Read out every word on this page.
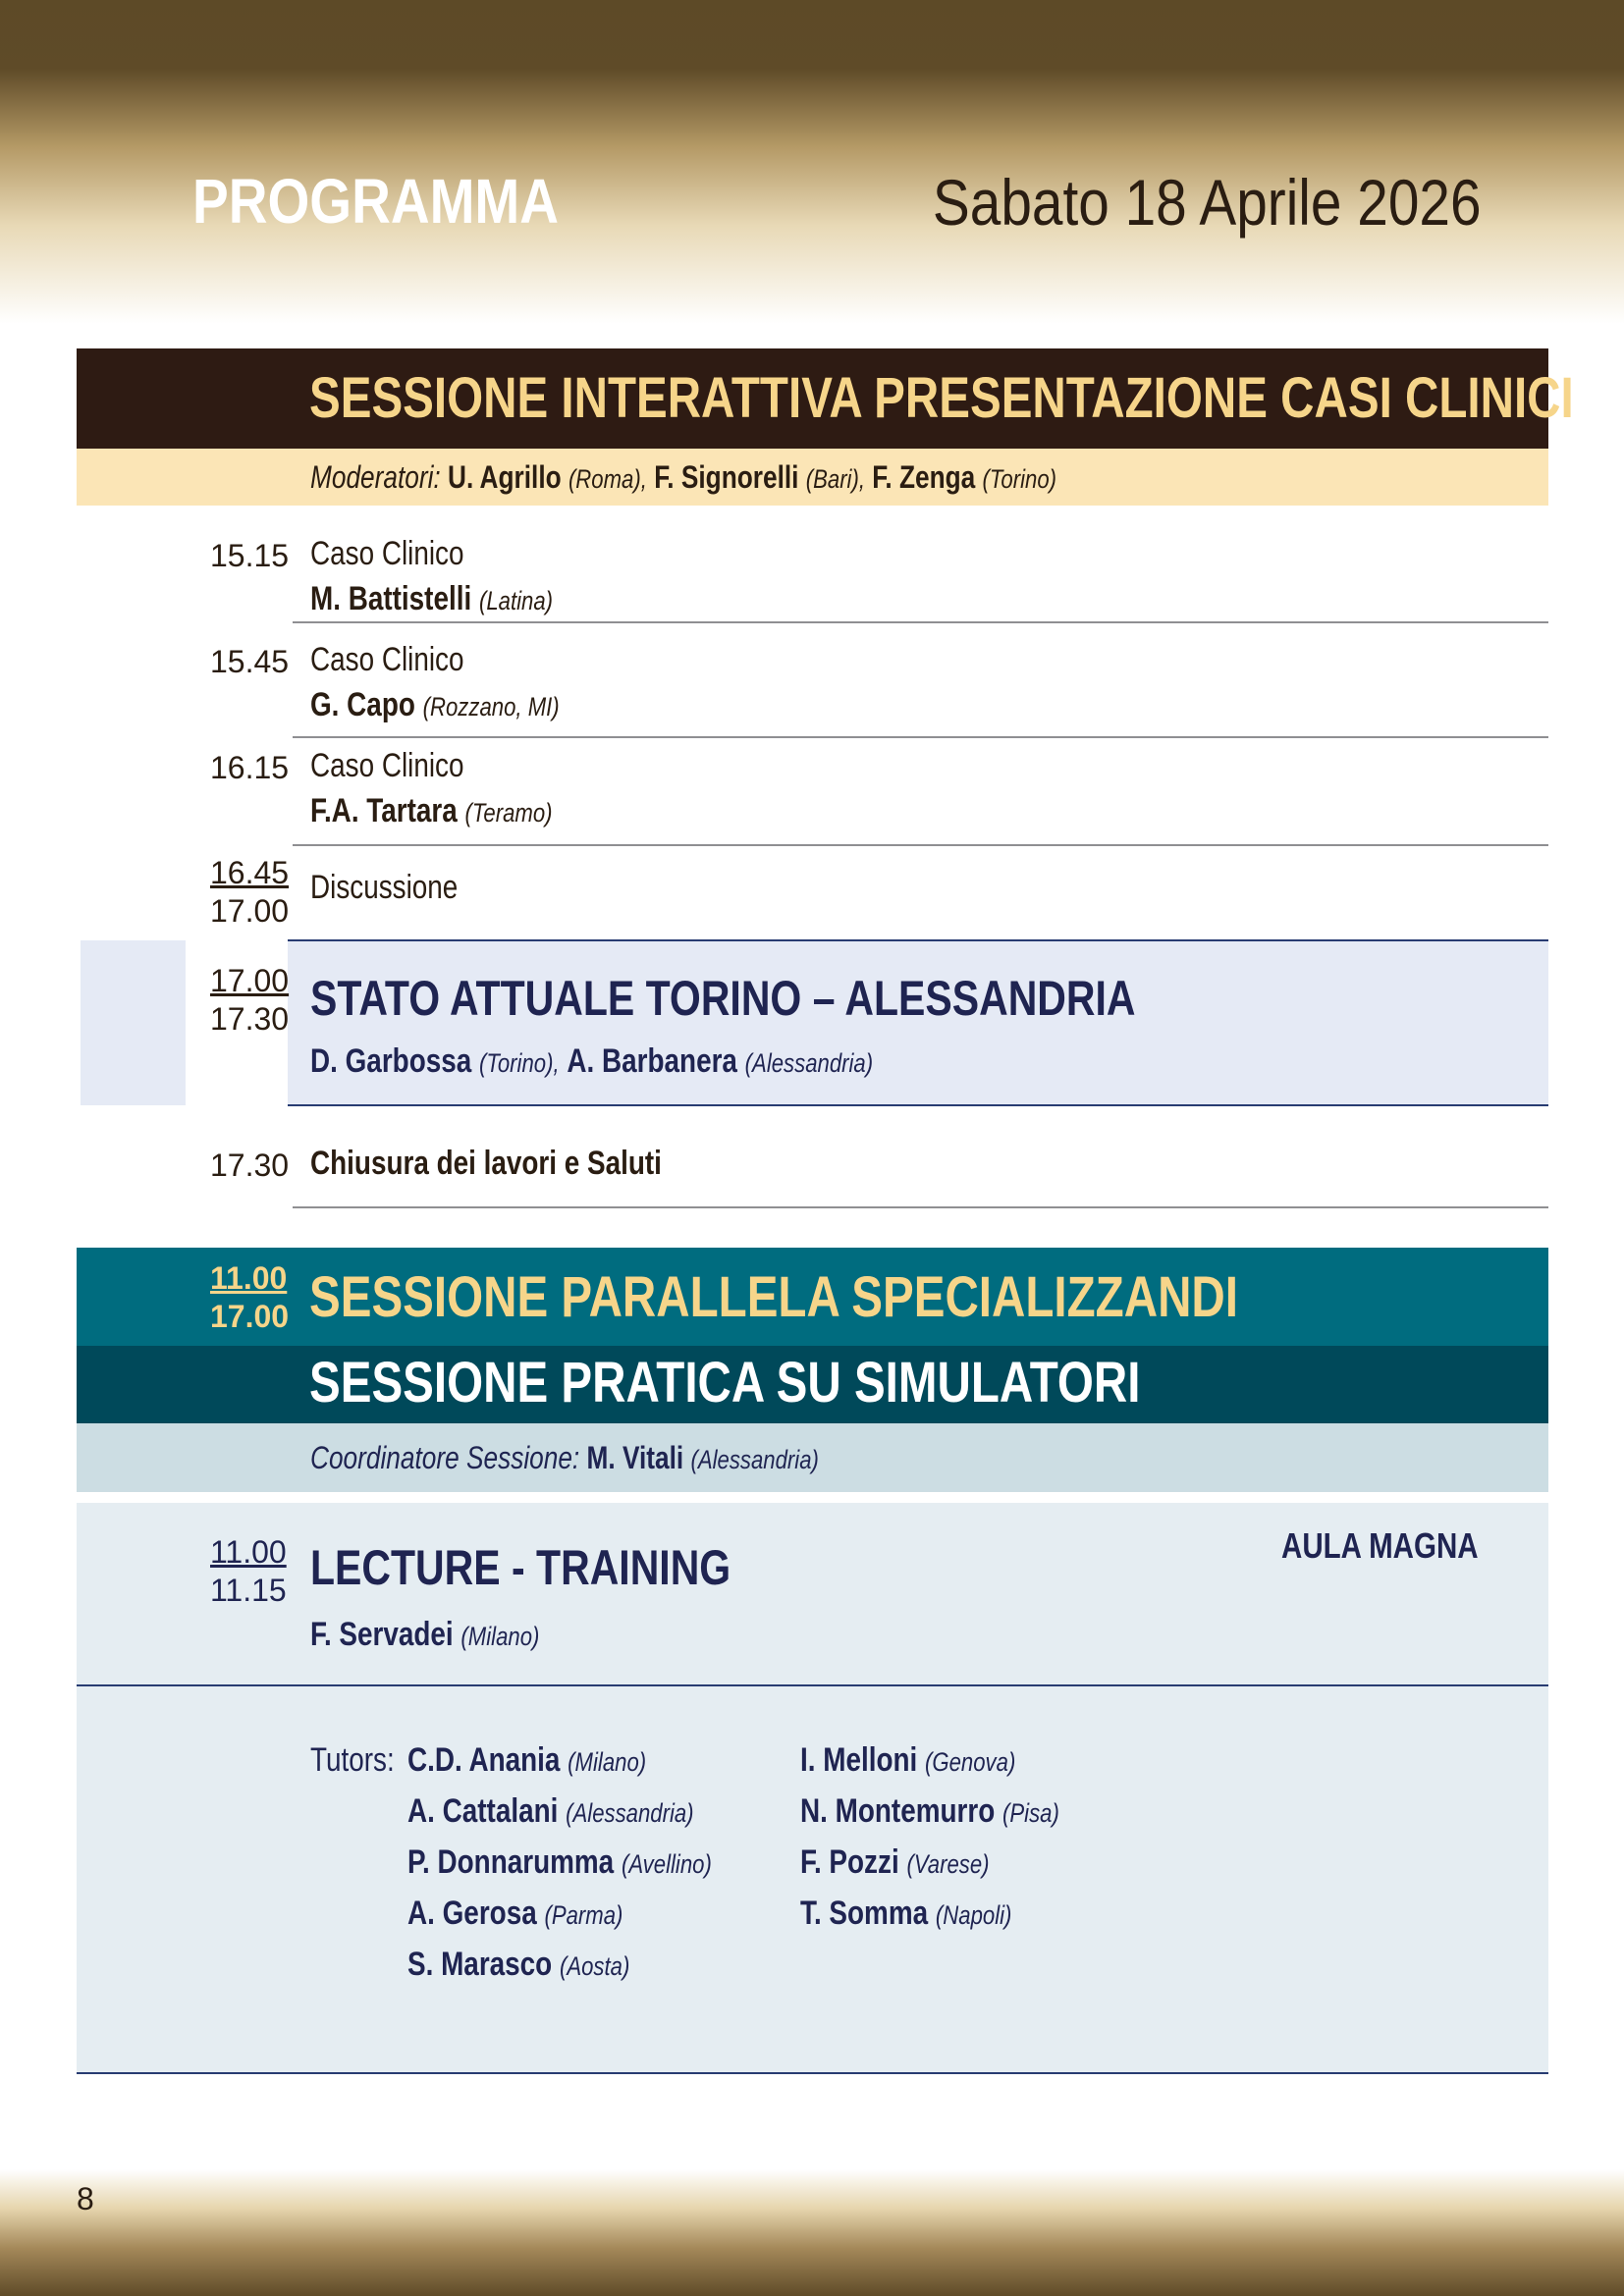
PROGRAMMA	Sabato 18 Aprile 2026
SESSIONE INTERATTIVA PRESENTAZIONE CASI CLINICI
Moderatori: U. Agrillo (Roma), F. Signorelli (Bari), F. Zenga (Torino)
15.15 Caso Clinico
M. Battistelli (Latina)
15.45 Caso Clinico
G. Capo (Rozzano, MI)
16.15 Caso Clinico
F.A. Tartara (Teramo)
16.45
17.00
Discussione
17.00
17.30 STATO ATTUALE TORINO – ALESSANDRIA
D. Garbossa (Torino), A. Barbanera (Alessandria)
17.30 Chiusura dei lavori e Saluti
11.00
17.00 SESSIONE PARALLELA SPECIALIZZANDI
SESSIONE PRATICA SU SIMULATORI
Coordinatore Sessione: M. Vitali (Alessandria)
11.00
11.15 LECTURE - TRAINING	AULA MAGNA
F. Servadei (Milano)
Tutors: C.D. Anania (Milano)
A. Cattalani (Alessandria)
P. Donnarumma (Avellino)
A. Gerosa (Parma)
S. Marasco (Aosta)
I. Melloni (Genova)
N. Montemurro (Pisa)
F. Pozzi (Varese)
T. Somma (Napoli)
8
